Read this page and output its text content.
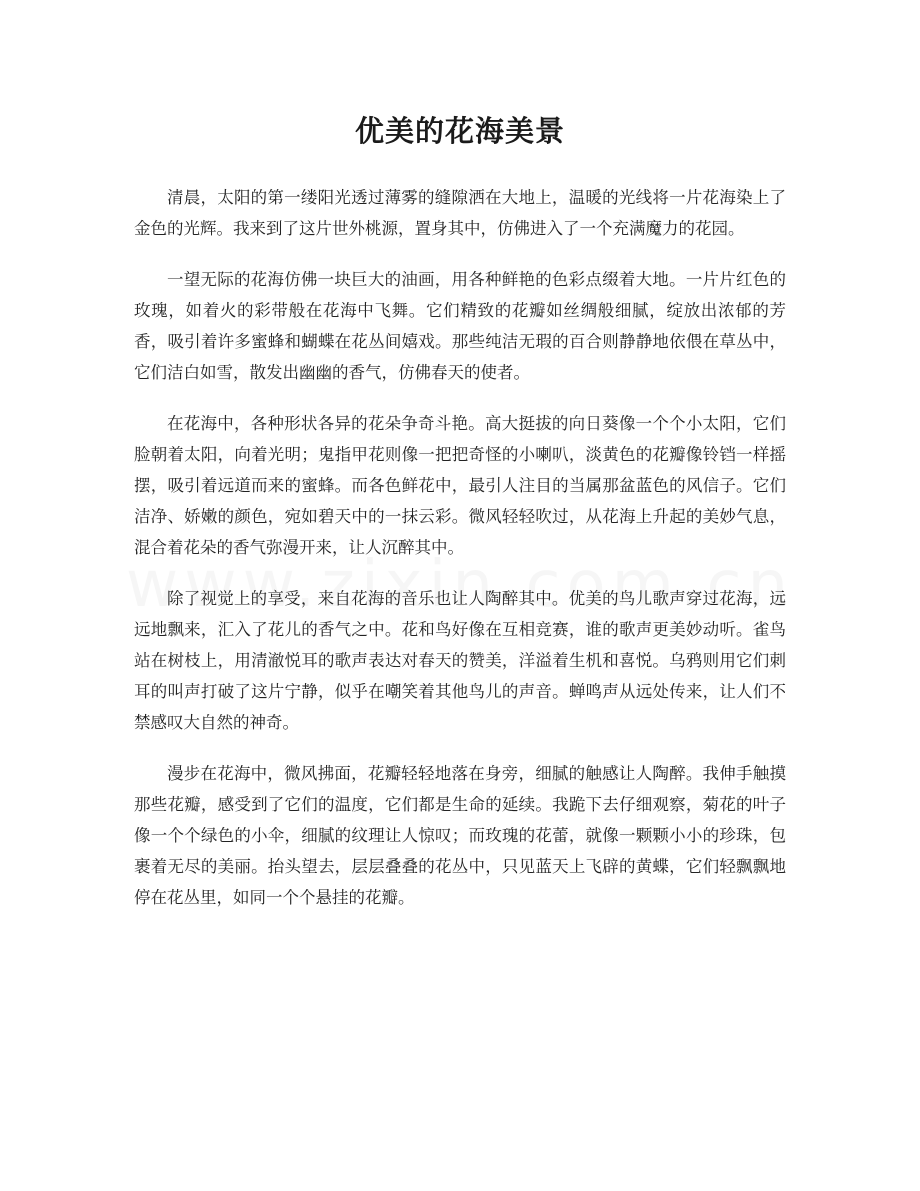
优美的花海美景

清晨，太阳的第一缕阳光透过薄雾的缝隙洒在大地上，温暖的光线将一片花海染上了金色的光辉。我来到了这片世外桃源，置身其中，仿佛进入了一个充满魔力的花园。

一望无际的花海仿佛一块巨大的油画，用各种鲜艳的色彩点缀着大地。一片片红色的玫瑰，如着火的彩带般在花海中飞舞。它们精致的花瓣如丝绸般细腻，绽放出浓郁的芳香，吸引着许多蜜蜂和蝴蝶在花丛间嬉戏。那些纯洁无瑕的百合则静静地依偎在草丛中，它们洁白如雪，散发出幽幽的香气，仿佛春天的使者。

在花海中，各种形状各异的花朵争奇斗艳。高大挺拔的向日葵像一个个小太阳，它们脸朝着太阳，向着光明；鬼指甲花则像一把把奇怪的小喇叭，淡黄色的花瓣像铃铛一样摇摆，吸引着远道而来的蜜蜂。而各色鲜花中，最引人注目的当属那盆蓝色的风信子。它们洁净、娇嫩的颜色，宛如碧天中的一抹云彩。微风轻轻吹过，从花海上升起的美妙气息，混合着花朵的香气弥漫开来，让人沉醉其中。

除了视觉上的享受，来自花海的音乐也让人陶醉其中。优美的鸟儿歌声穿过花海，远远地飘来，汇入了花儿的香气之中。花和鸟好像在互相竞赛，谁的歌声更美妙动听。雀鸟站在树枝上，用清澈悦耳的歌声表达对春天的赞美，洋溢着生机和喜悦。乌鸦则用它们刺耳的叫声打破了这片宁静，似乎在嘲笑着其他鸟儿的声音。蝉鸣声从远处传来，让人们不禁感叹大自然的神奇。

漫步在花海中，微风拂面，花瓣轻轻地落在身旁，细腻的触感让人陶醉。我伸手触摸那些花瓣，感受到了它们的温度，它们都是生命的延续。我跪下去仔细观察，菊花的叶子像一个个绿色的小伞，细腻的纹理让人惊叹；而玫瑰的花蕾，就像一颗颗小小的珍珠，包裹着无尽的美丽。抬头望去，层层叠叠的花丛中，只见蓝天上飞辟的黄蝶，它们轻飘飘地停在花丛里，如同一个个悬挂的花瓣。
